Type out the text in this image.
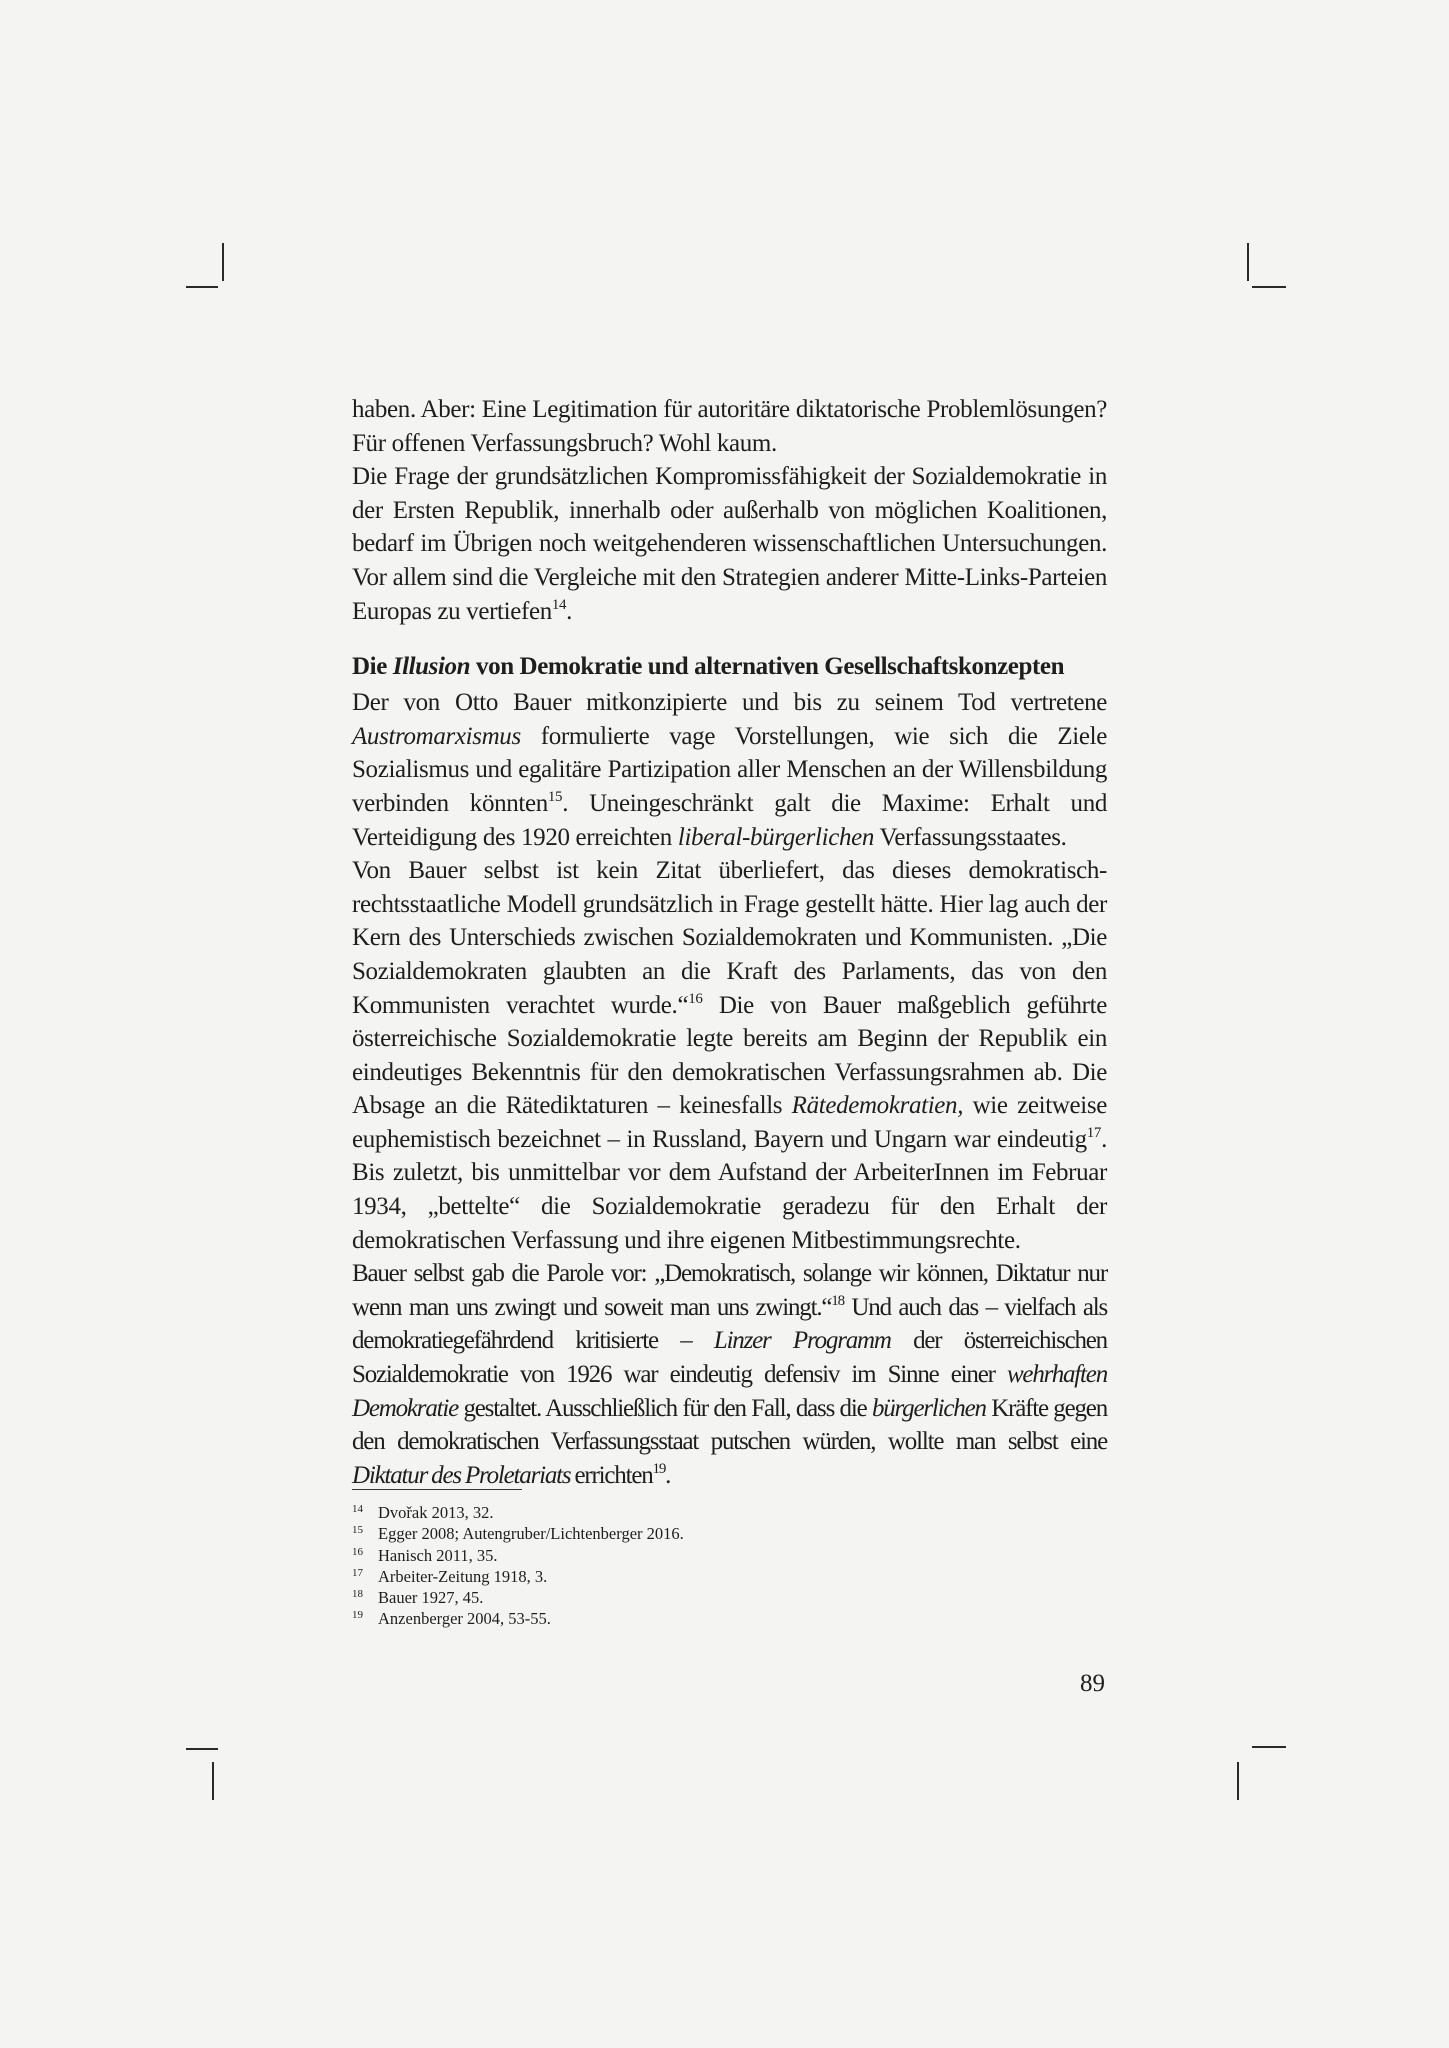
haben. Aber: Eine Legitimation für autoritäre diktatorische Problemlösungen? Für offenen Verfassungsbruch? Wohl kaum.

Die Frage der grundsätzlichen Kompromissfähigkeit der Sozialdemokratie in der Ersten Republik, innerhalb oder außerhalb von möglichen Koalitionen, bedarf im Übrigen noch weitgehenderen wissenschaftlichen Untersuchungen. Vor allem sind die Vergleiche mit den Strategien anderer Mitte-Links-Parteien Europas zu vertiefen$^{14}$.

Die Illusion von Demokratie und alternativen Gesellschaftskonzepten

Der von Otto Bauer mitkonzipierte und bis zu seinem Tod vertretene Austromarxismus formulierte vage Vorstellungen, wie sich die Ziele Sozialismus und egalitäre Partizipation aller Menschen an der Willensbildung verbinden könnten$^{15}$. Uneingeschränkt galt die Maxime: Erhalt und Verteidigung des 1920 erreichten liberal-bürgerlichen Verfassungsstaates.

Von Bauer selbst ist kein Zitat überliefert, das dieses demokratisch-rechtsstaatliche Modell grundsätzlich in Frage gestellt hätte. Hier lag auch der Kern des Unterschieds zwischen Sozialdemokraten und Kommunisten. „Die Sozialdemokraten glaubten an die Kraft des Parlaments, das von den Kommunisten verachtet wurde.“$^{16}$ Die von Bauer maßgeblich geführte österreichische Sozialdemokratie legte bereits am Beginn der Republik ein eindeutiges Bekenntnis für den demokratischen Verfassungsrahmen ab. Die Absage an die Rätediktaturen – keinesfalls Rätedemokratien, wie zeitweise euphemistisch bezeichnet – in Russland, Bayern und Ungarn war eindeutig$^{17}$. Bis zuletzt, bis unmittelbar vor dem Aufstand der ArbeiterInnen im Februar 1934, „bettelte“ die Sozialdemokratie geradezu für den Erhalt der demokratischen Verfassung und ihre eigenen Mitbestimmungsrechte.

Bauer selbst gab die Parole vor: „Demokratisch, solange wir können, Diktatur nur wenn man uns zwingt und soweit man uns zwingt.“$^{18}$ Und auch das – vielfach als demokratiegefährdend kritisierte – Linzer Programm der österreichischen Sozialdemokratie von 1926 war eindeutig defensiv im Sinne einer wehrhaften Demokratie gestaltet. Ausschließlich für den Fall, dass die bürgerlichen Kräfte gegen den demokratischen Verfassungsstaat putschen würden, wollte man selbst eine Diktatur des Proletariats errichten$^{19}$.

$^{14}$ Dvořak 2013, 32.
$^{15}$ Egger 2008; Autengruber/Lichtenberger 2016.
$^{16}$ Hanisch 2011, 35.
$^{17}$ Arbeiter-Zeitung 1918, 3.
$^{18}$ Bauer 1927, 45.
$^{19}$ Anzenberger 2004, 53-55.
89
